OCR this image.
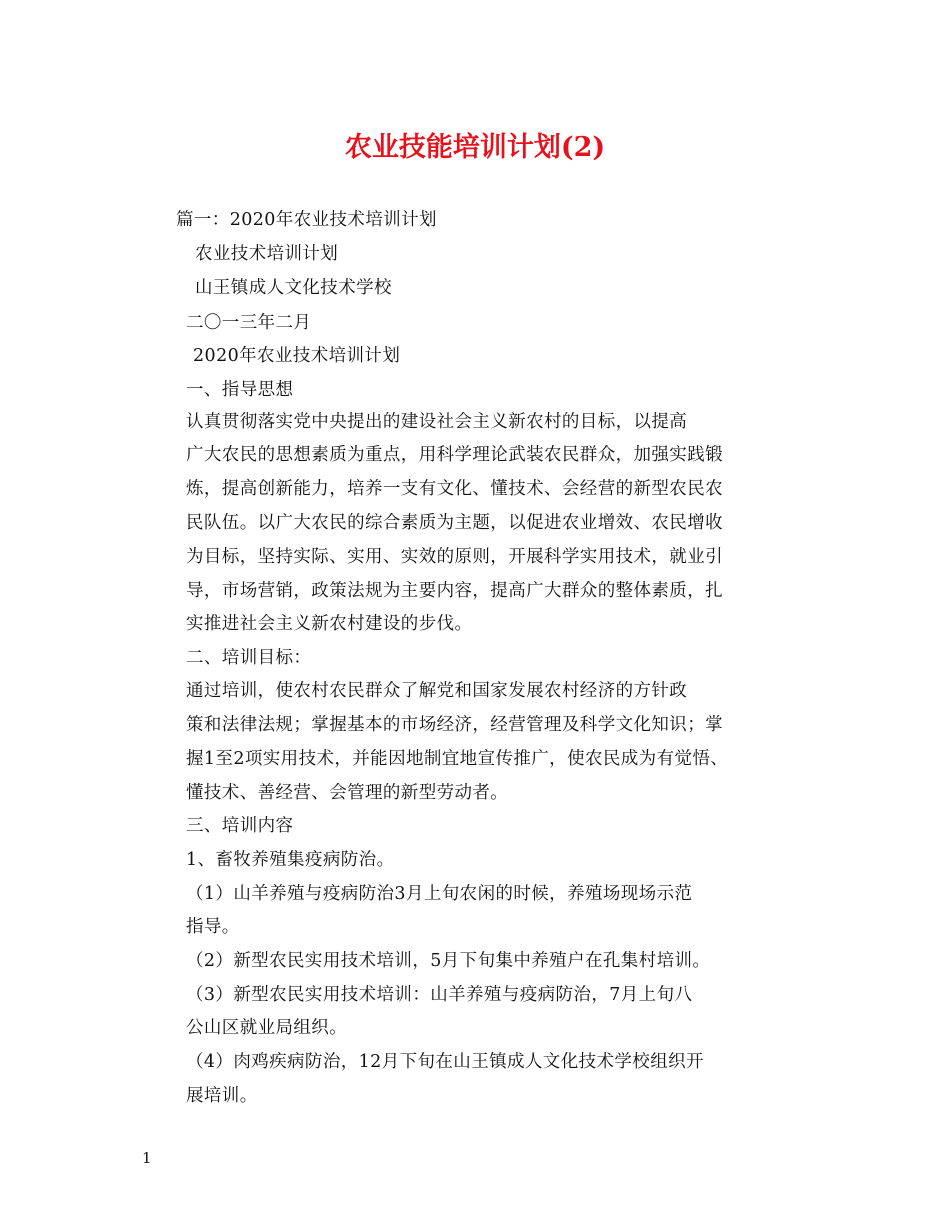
农业技能培训计划(2)
篇一：2020年农业技术培训计划
农业技术培训计划
山王镇成人文化技术学校
二〇一三年二月
2020年农业技术培训计划
一、指导思想
认真贯彻落实党中央提出的建设社会主义新农村的目标，以提高
广大农民的思想素质为重点，用科学理论武装农民群众，加强实践锻
炼，提高创新能力，培养一支有文化、懂技术、会经营的新型农民农
民队伍。以广大农民的综合素质为主题，以促进农业增效、农民增收
为目标，坚持实际、实用、实效的原则，开展科学实用技术，就业引
导，市场营销，政策法规为主要内容，提高广大群众的整体素质，扎
实推进社会主义新农村建设的步伐。
二、培训目标：
通过培训，使农村农民群众了解党和国家发展农村经济的方针政
策和法律法规；掌握基本的市场经济，经营管理及科学文化知识；掌
握1至2项实用技术，并能因地制宜地宣传推广，使农民成为有觉悟、
懂技术、善经营、会管理的新型劳动者。
三、培训内容
1、畜牧养殖集疫病防治。
（1）山羊养殖与疫病防治3月上旬农闲的时候，养殖场现场示范
指导。
（2）新型农民实用技术培训，5月下旬集中养殖户在孔集村培训。
（3）新型农民实用技术培训：山羊养殖与疫病防治，7月上旬八
公山区就业局组织。
（4）肉鸡疾病防治，12月下旬在山王镇成人文化技术学校组织开
展培训。
1
